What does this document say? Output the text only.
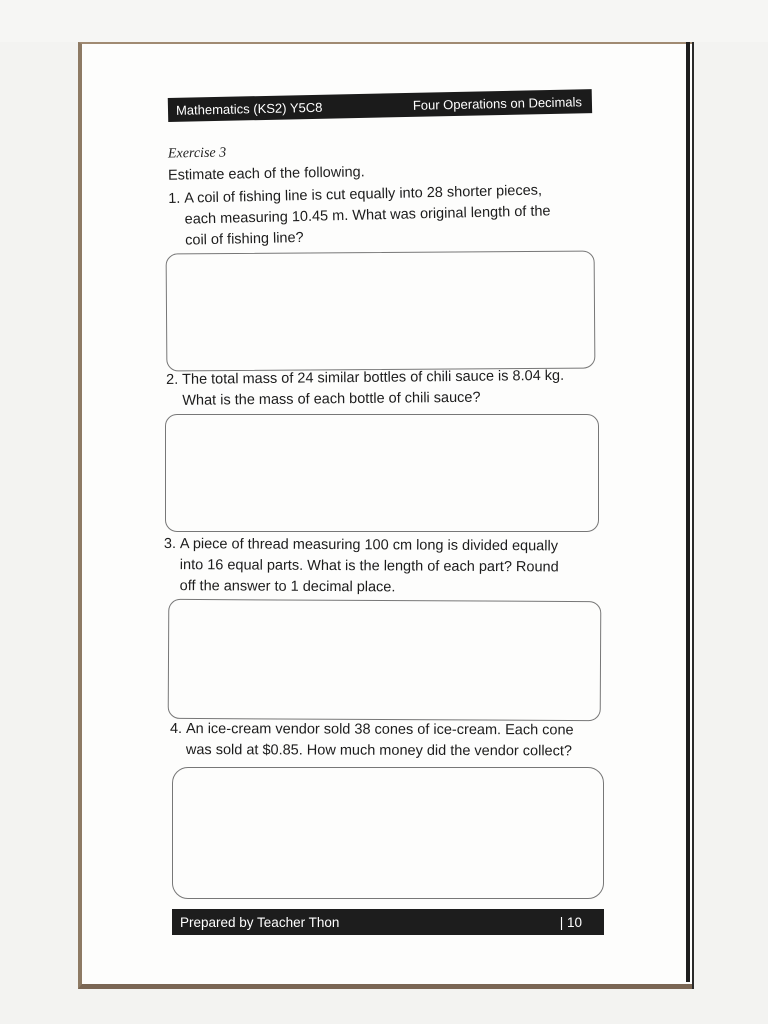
Mathematics (KS2) Y5C8	Four Operations on Decimals
Exercise 3
Estimate each of the following.
1. A coil of fishing line is cut equally into 28 shorter pieces,
each measuring 10.45 m. What was original length of the
coil of fishing line?
2. The total mass of 24 similar bottles of chili sauce is 8.04 kg.
What is the mass of each bottle of chili sauce?
3. A piece of thread measuring 100 cm long is divided equally
into 16 equal parts. What is the length of each part? Round
off the answer to 1 decimal place.
4. An ice-cream vendor sold 38 cones of ice-cream. Each cone
was sold at $0.85. How much money did the vendor collect?
Prepared by Teacher Thon	| 10
